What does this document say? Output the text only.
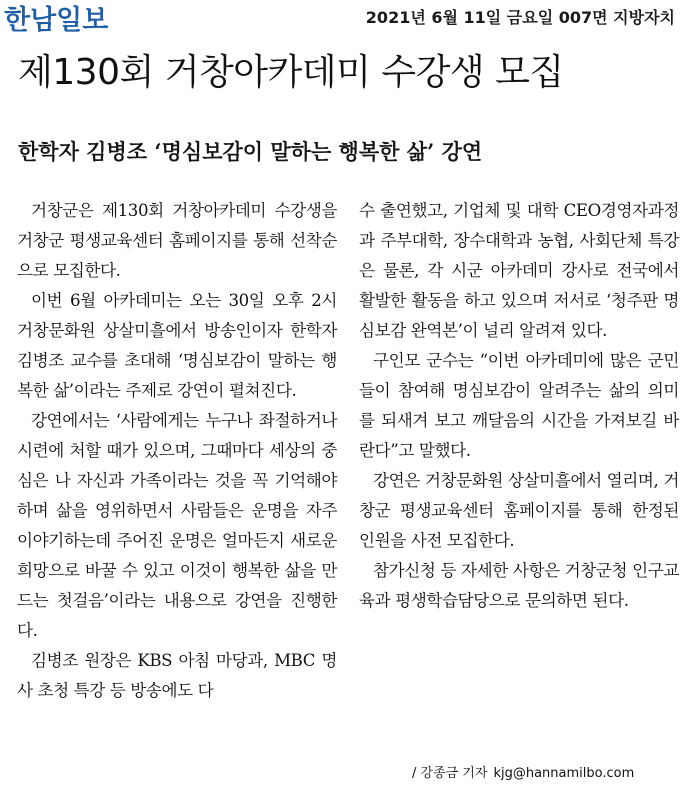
한남일보	2021년 6월 11일 금요일 007면 지방자치
제130회 거창아카데미 수강생 모집
한학자 김병조 ‘명심보감이 말하는 행복한 삶’ 강연

거창군은 제130회 거창아카데미 수강생을 거창군 평생교육센터 홈페이지를 통해 선착순으로 모집한다.

이번 6월 아카데미는 오는 30일 오후 2시 거창문화원 상살미흘에서 방송인이자 한학자 김병조 교수를 초대해 ‘명심보감이 말하는 행복한 삶’이라는 주제로 강연이 펼쳐진다.

강연에서는 ‘사람에게는 누구나 좌절하거나 시련에 처할 때가 있으며, 그때마다 세상의 중심은 나 자신과 가족이라는 것을 꼭 기억해야 하며 삶을 영위하면서 사람들은 운명을 자주 이야기하는데 주어진 운명은 얼마든지 새로운 희망으로 바꿀 수 있고 이것이 행복한 삶을 만드는 첫걸음’이라는 내용으로 강연을 진행한다.

김병조 원장은 KBS 아침 마당과, MBC 명사 초청 특강 등 방송에도 다

수 출연했고, 기업체 및 대학 CEO경영자과정과 주부대학, 장수대학과 농협, 사회단체 특강은 물론, 각 시군 아카데미 강사로 전국에서 활발한 활동을 하고 있으며 저서로 ‘청주판 명심보감 완역본’이 널리 알려져 있다.

구인모 군수는 “이번 아카데미에 많은 군민들이 참여해 명심보감이 알려주는 삶의 의미를 되새겨 보고 깨달음의 시간을 가져보길 바란다”고 말했다.

강연은 거창문화원 상살미흘에서 열리며, 거창군 평생교육센터 홈페이지를 통해 한정된 인원을 사전 모집한다.

참가신청 등 자세한 사항은 거창군청 인구교육과 평생학습담당으로 문의하면 된다.

/ 강종금 기자 kjg@hannamilbo.com
